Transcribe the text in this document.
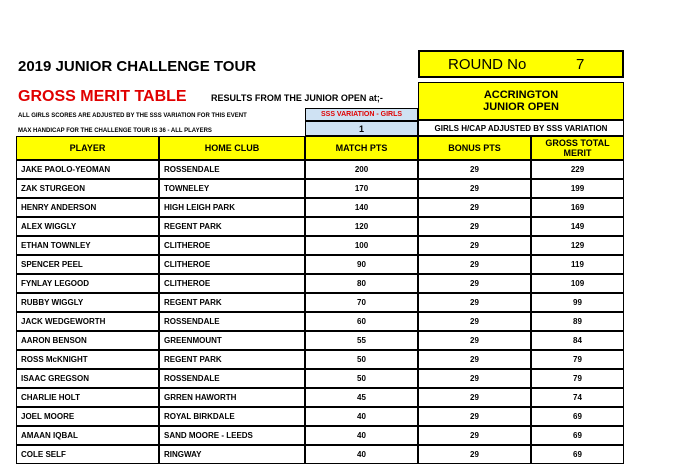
2019 JUNIOR CHALLENGE TOUR	ROUND No	7
GROSS MERIT TABLE	RESULTS FROM THE JUNIOR OPEN at;-	ACCRINGTON
JUNIOR OPEN
ALL GIRLS SCORES ARE ADJUSTED BY THE SSS VARIATION FOR THIS EVENT
MAX HANDICAP FOR THE CHALLENGE TOUR IS 36 - ALL PLAYERS
SSS VARIATION - GIRLS
1	GIRLS H/CAP ADJUSTED BY SSS VARIATION
PLAYER	HOME CLUB	MATCH PTS	BONUS PTS	GROSS TOTAL MERIT
JAKE PAOLO-YEOMAN	ROSSENDALE	200	29	229
ZAK STURGEON	TOWNELEY	170	29	199
HENRY ANDERSON	HIGH LEIGH PARK	140	29	169
ALEX WIGGLY	REGENT PARK	120	29	149
ETHAN TOWNLEY	CLITHEROE	100	29	129
SPENCER PEEL	CLITHEROE	90	29	119
FYNLAY LEGOOD	CLITHEROE	80	29	109
RUBBY WIGGLY	REGENT PARK	70	29	99
JACK WEDGEWORTH	ROSSENDALE	60	29	89
AARON BENSON	GREENMOUNT	55	29	84
ROSS McKNIGHT	REGENT PARK	50	29	79
ISAAC GREGSON	ROSSENDALE	50	29	79
CHARLIE HOLT	GRREN HAWORTH	45	29	74
JOEL MOORE	ROYAL BIRKDALE	40	29	69
AMAAN IQBAL	SAND MOORE - LEEDS	40	29	69
COLE SELF	RINGWAY	40	29	69
